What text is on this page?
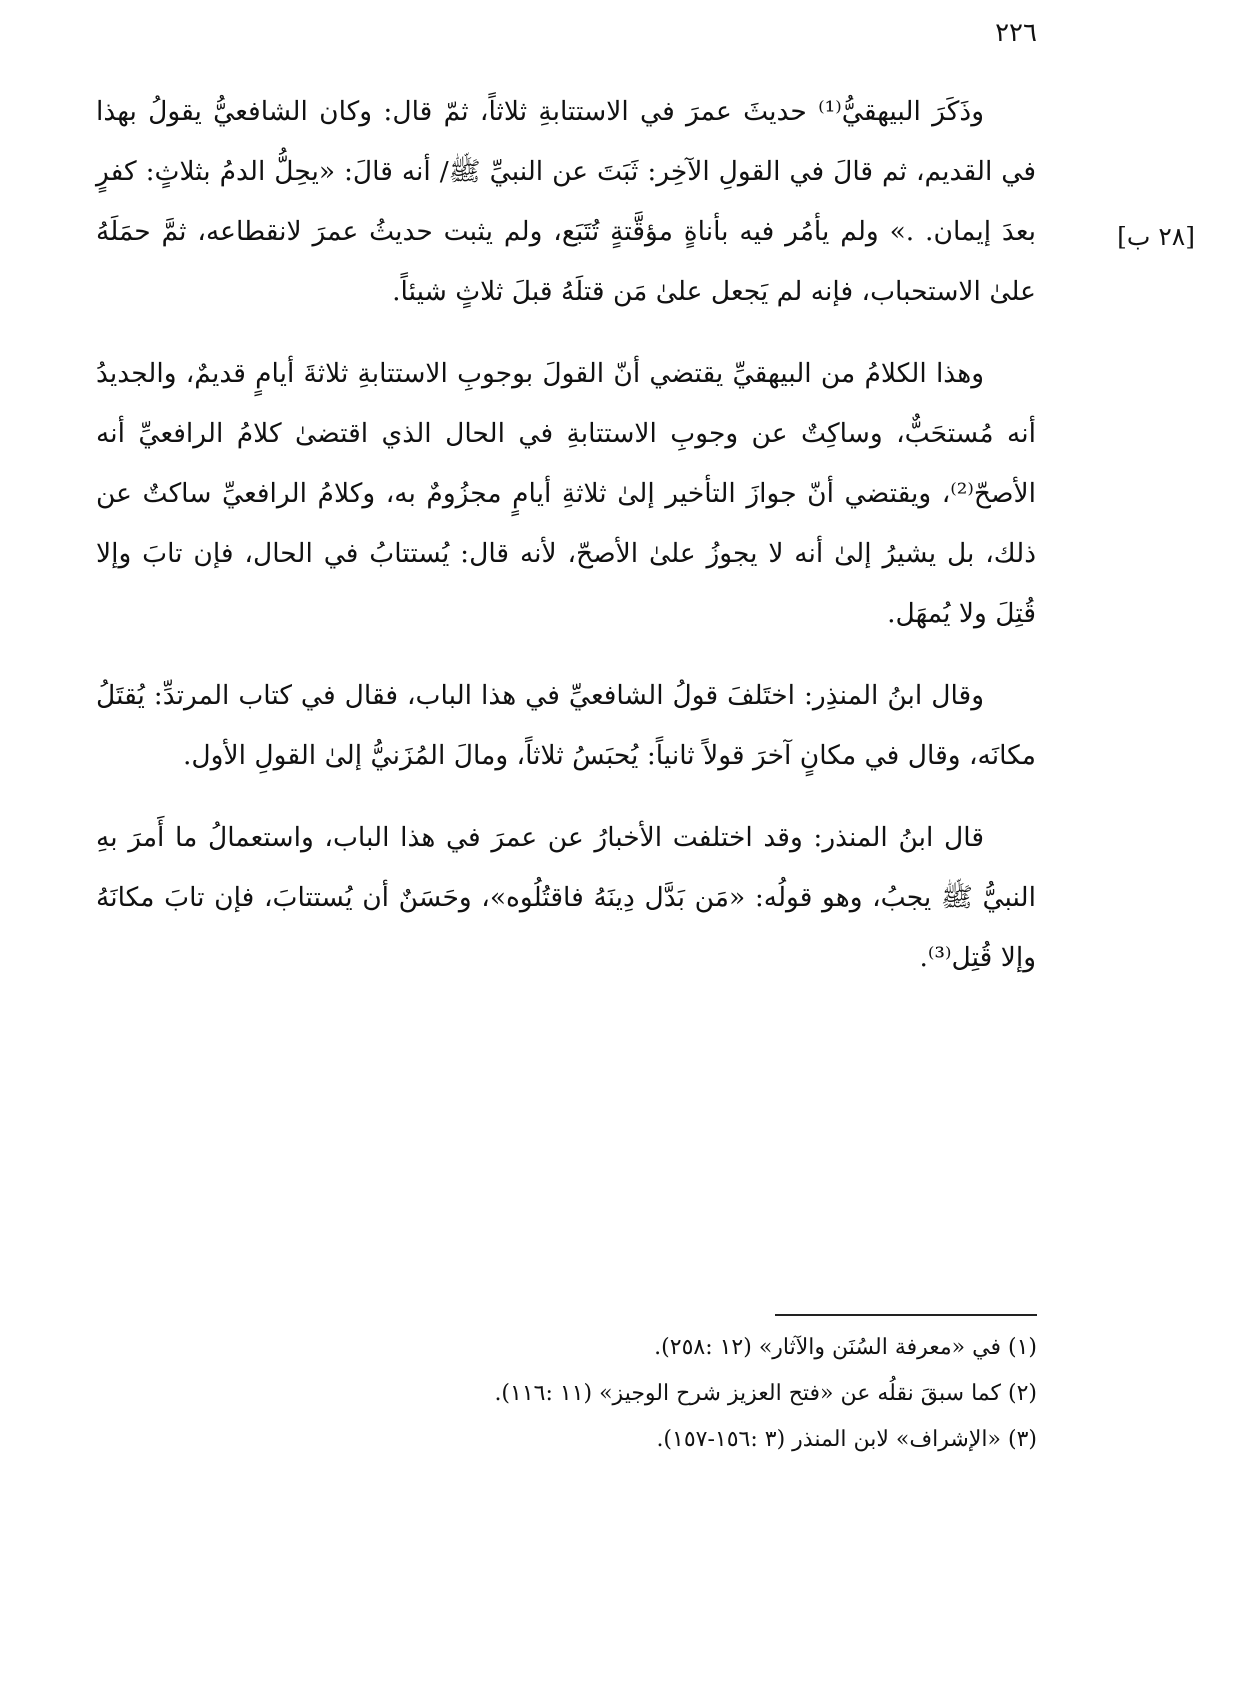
٢٢٦
[٢٨ ب]

وذَكَرَ البيهقيُّ⁽¹⁾ حديثَ عمرَ في الاستتابةِ ثلاثاً، ثمّ قال: وكان الشافعيُّ يقولُ بهذا في القديم، ثم قالَ في القولِ الآخِر: ثَبَتَ عن النبيِّ ﷺ/ أنه قالَ: «يحِلُّ الدمُ بثلاثٍ: كفرٍ بعدَ إيمان. .» ولم يأمُر فيه بأناةٍ مؤقَّتةٍ تُتَبَع، ولم يثبت حديثُ عمرَ لانقطاعه، ثمَّ حمَلَهُ علىٰ الاستحباب، فإنه لم يَجعل علىٰ مَن قتلَهُ قبلَ ثلاثٍ شيئاً.

وهذا الكلامُ من البيهقيِّ يقتضي أنّ القولَ بوجوبِ الاستتابةِ ثلاثةَ أيامٍ قديمٌ، والجديدُ أنه مُستحَبٌّ، وساكِتٌ عن وجوبِ الاستتابةِ في الحال الذي اقتضىٰ كلامُ الرافعيِّ أنه الأصحّ⁽²⁾، ويقتضي أنّ جوازَ التأخير إلىٰ ثلاثةِ أيامٍ مجزُومٌ به، وكلامُ الرافعيِّ ساكتٌ عن ذلك، بل يشيرُ إلىٰ أنه لا يجوزُ علىٰ الأصحّ، لأنه قال: يُستتابُ في الحال، فإن تابَ وإلا قُتِلَ ولا يُمهَل.

وقال ابنُ المنذِر: اختَلفَ قولُ الشافعيِّ في هذا الباب، فقال في كتاب المرتدِّ: يُقتَلُ مكانَه، وقال في مكانٍ آخرَ قولاً ثانياً: يُحبَسُ ثلاثاً، ومالَ المُزَنيُّ إلىٰ القولِ الأول.

قال ابنُ المنذر: وقد اختلفت الأخبارُ عن عمرَ في هذا الباب، واستعمالُ ما أَمرَ بهِ النبيُّ ﷺ يجبُ، وهو قولُه: «مَن بَدَّل دِينَهُ فاقتُلُوه»، وحَسَنٌ أن يُستتابَ، فإن تابَ مكانَهُ وإلا قُتِل⁽³⁾.

(١) في «معرفة السُنَن والآثار» (١٢ :٢٥٨).

(٢) كما سبقَ نقلُه عن «فتح العزيز شرح الوجيز» (١١ :١١٦).

(٣) «الإشراف» لابن المنذر (٣ :١٥٦-١٥٧).
